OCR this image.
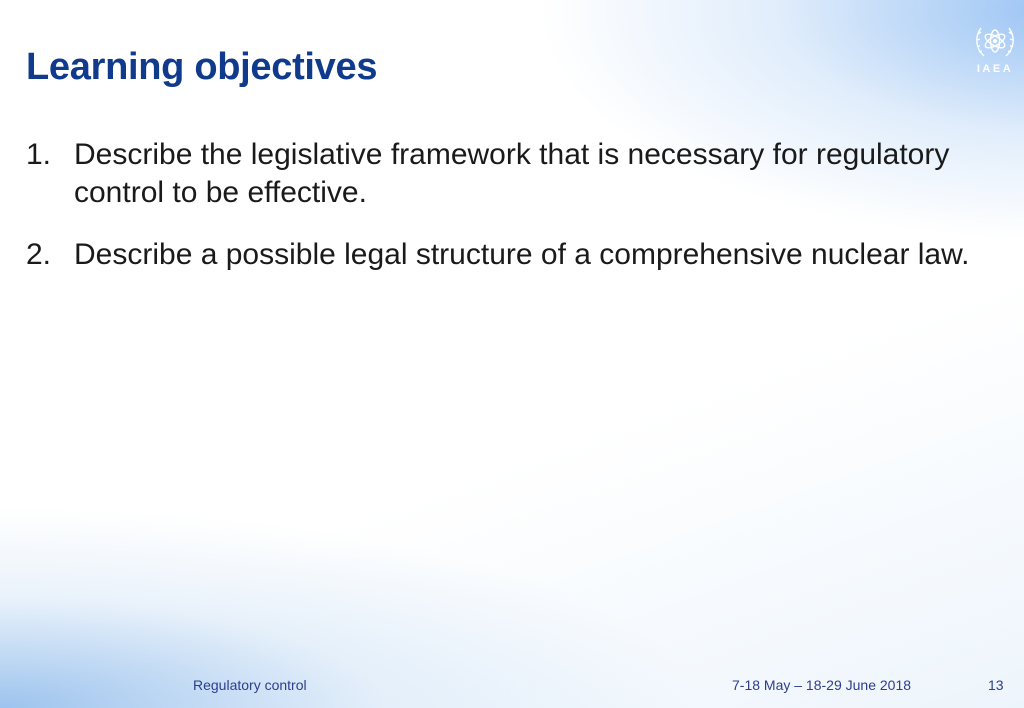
Learning objectives	IAEA
1. Describe the legislative framework that is necessary for regulatory control to be effective.
2. Describe a possible legal structure of a comprehensive nuclear law.
Regulatory control	7-18 May – 18-29 June 2018	13
